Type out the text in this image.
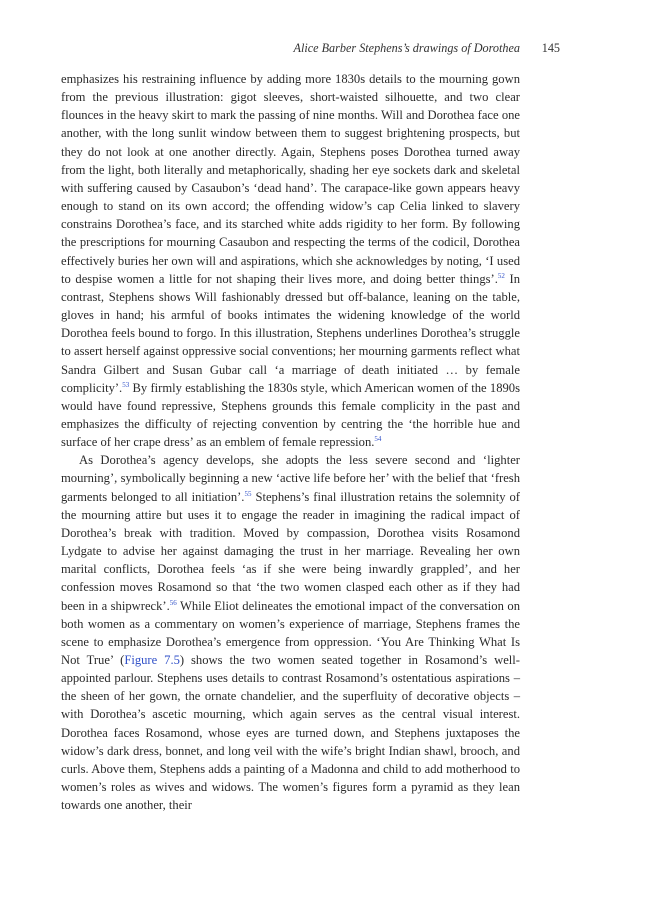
Alice Barber Stephens’s drawings of Dorothea 145

emphasizes his restraining influence by adding more 1830s details to the mourning gown from the previous illustration: gigot sleeves, short-waisted silhouette, and two clear flounces in the heavy skirt to mark the passing of nine months. Will and Dorothea face one another, with the long sunlit window between them to suggest brightening prospects, but they do not look at one another directly. Again, Stephens poses Dorothea turned away from the light, both literally and metaphorically, shading her eye sockets dark and skeletal with suffering caused by Casaubon’s ‘dead hand’. The carapace-like gown appears heavy enough to stand on its own accord; the offending widow’s cap Celia linked to slavery constrains Dorothea’s face, and its starched white adds rigidity to her form. By following the prescriptions for mourning Casaubon and respecting the terms of the codicil, Dorothea effectively buries her own will and aspirations, which she acknowledges by noting, ‘I used to despise women a little for not shaping their lives more, and doing better things’.$^{52}$ In contrast, Stephens shows Will fashionably dressed but off-balance, leaning on the table, gloves in hand; his armful of books intimates the widening knowledge of the world Dorothea feels bound to forgo. In this illustration, Stephens underlines Dorothea’s struggle to assert herself against oppressive social conventions; her mourning garments reflect what Sandra Gilbert and Susan Gubar call ‘a marriage of death initiated … by female complicity’.$^{53}$ By firmly establishing the 1830s style, which American women of the 1890s would have found repressive, Stephens grounds this female complicity in the past and emphasizes the difficulty of rejecting convention by centring the ‘the horrible hue and surface of her crape dress’ as an emblem of female repression.$^{54}$

As Dorothea’s agency develops, she adopts the less severe second and ‘lighter mourning’, symbolically beginning a new ‘active life before her’ with the belief that ‘fresh garments belonged to all initiation’.$^{55}$ Stephens’s final illustration retains the solemnity of the mourning attire but uses it to engage the reader in imagining the radical impact of Dorothea’s break with tradition. Moved by compassion, Dorothea visits Rosamond Lydgate to advise her against damaging the trust in her marriage. Revealing her own marital conflicts, Dorothea feels ‘as if she were being inwardly grappled’, and her confession moves Rosamond so that ‘the two women clasped each other as if they had been in a shipwreck’.$^{56}$ While Eliot delineates the emotional impact of the conversation on both women as a commentary on women’s experience of marriage, Stephens frames the scene to emphasize Dorothea’s emergence from oppression. ‘You Are Thinking What Is Not True’ (Figure 7.5) shows the two women seated together in Rosamond’s well-appointed parlour. Stephens uses details to contrast Rosamond’s ostentatious aspirations – the sheen of her gown, the ornate chandelier, and the superfluity of decorative objects – with Dorothea’s ascetic mourning, which again serves as the central visual interest. Dorothea faces Rosamond, whose eyes are turned down, and Stephens juxtaposes the widow’s dark dress, bonnet, and long veil with the wife’s bright Indian shawl, brooch, and curls. Above them, Stephens adds a painting of a Madonna and child to add motherhood to women’s roles as wives and widows. The women’s figures form a pyramid as they lean towards one another, their
